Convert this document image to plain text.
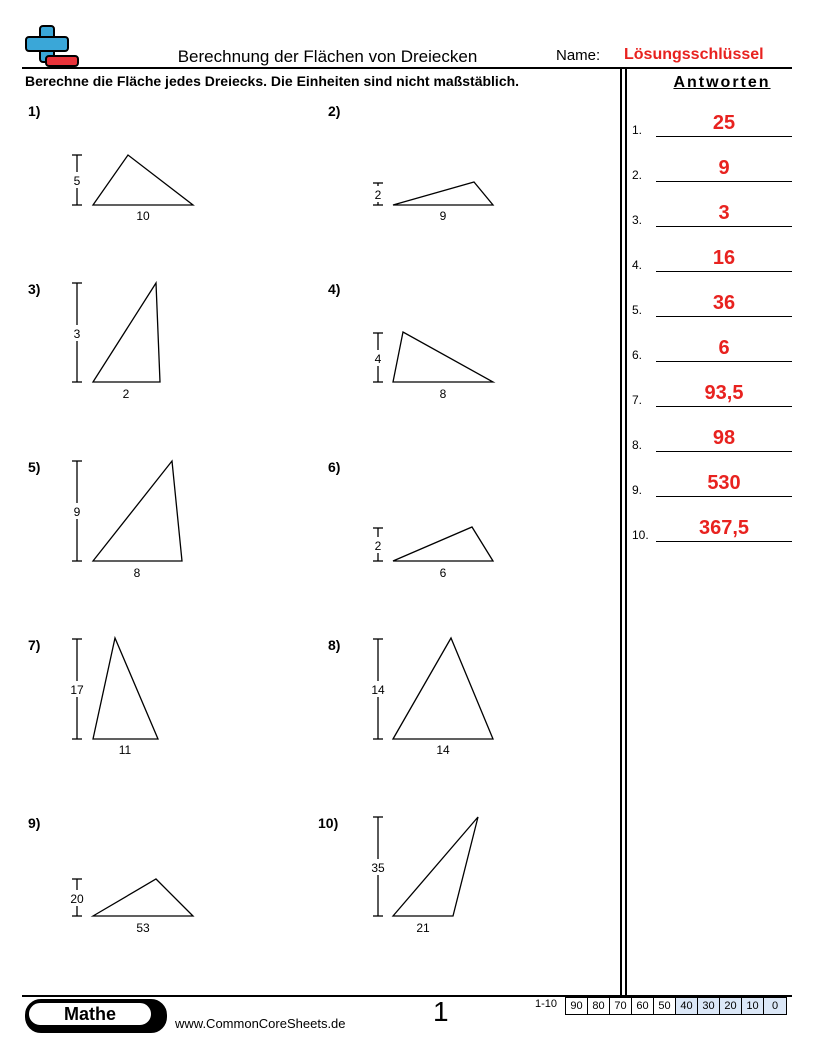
Berechnung der Flächen von Dreiecken	Name: Lösungsschlüssel
Berechne die Fläche jedes Dreiecks. Die Einheiten sind nicht maßstäblich.	Antworten
1.	25
2.	9
3.	3
4.	16
5.	36
6.	6
7.	93,5
8.	98
9.	530
10.	367,5
1)	2)
3)	4)
5)	6)
7)	8)
9)	10)
5
2
3
4
9
2
17	14
20
35
10	9
2	8
8	6
11	14
53	21
Mathe	www.CommonCoreSheets.de	1	1-10	90 80 70 60 50 40 30 20 10	0
